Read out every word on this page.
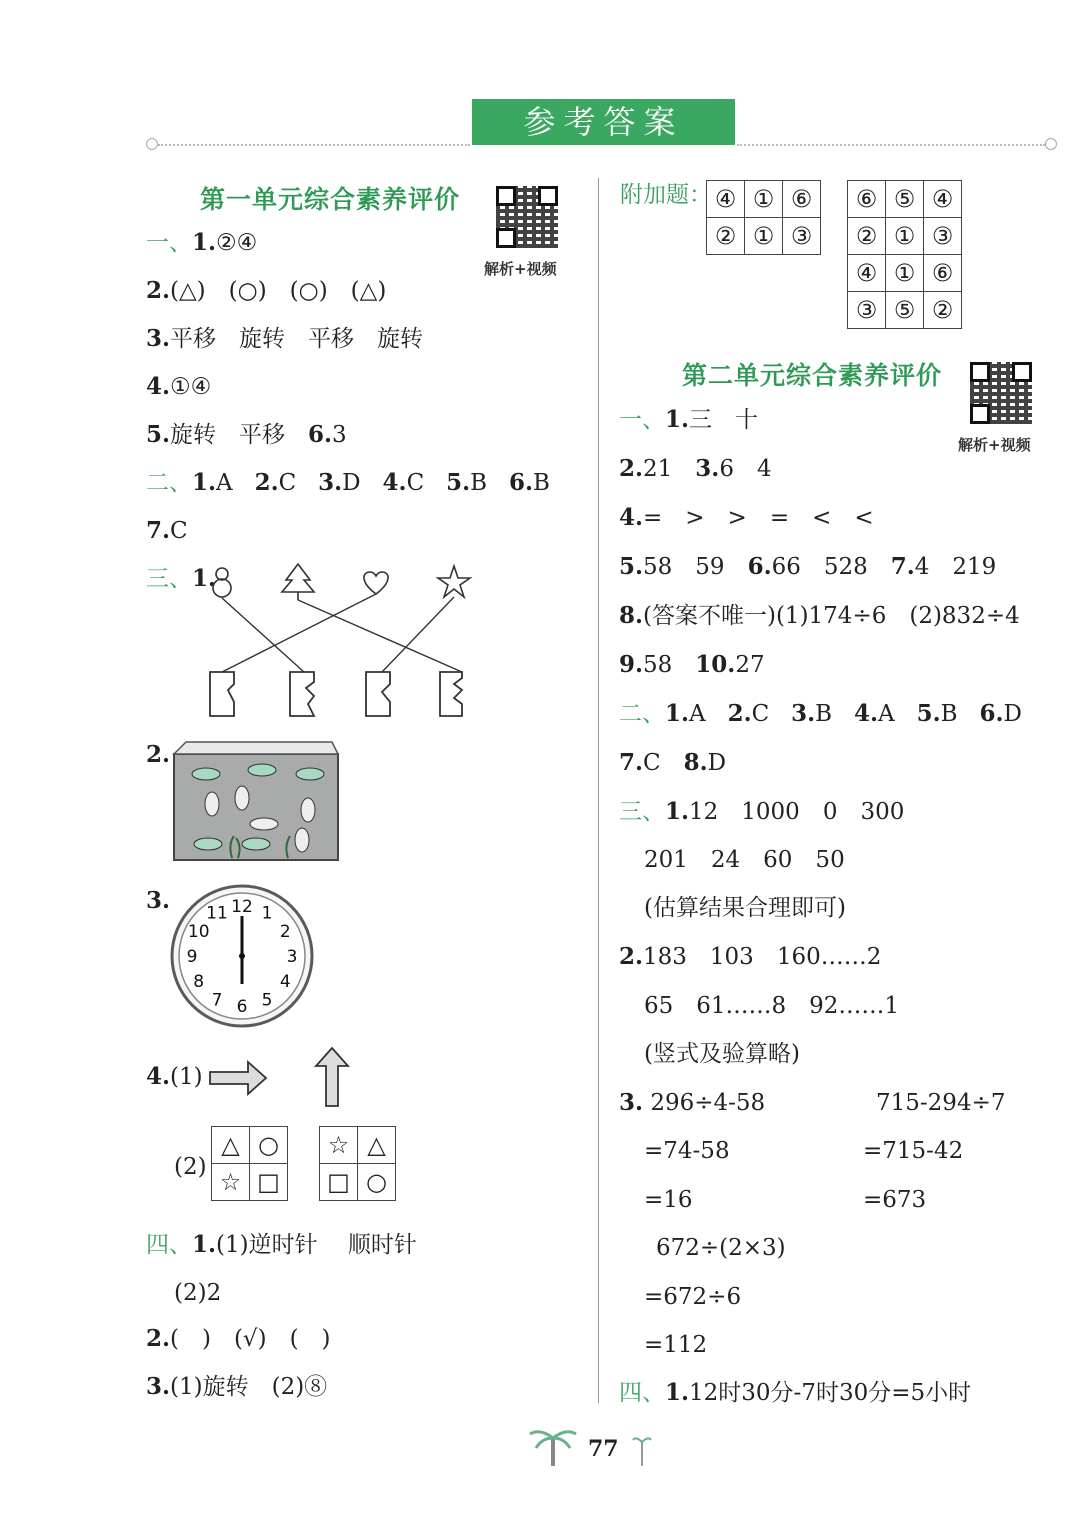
参考答案
第一单元综合素养评价
解析+视频
一、1.②④
2.(△)　(○)　(○)　(△)
3.平移　旋转　平移　旋转
4.①④
5.旋转　平移　6.3
二、1.A 2.C 3.D 4.C 5.B 6.B
7.C
三、1.
2.
3.	12 1
2
3
4
5
6
7
8
9
10
11
4.(1)
(2)
△	○
☆	□
☆	△
□	○
四、1.(1)逆时针　 顺时针
(2)2
2.(　)　(√)　(　)
3.(1)旋转　(2)⑧
附加题： ④	①	⑥
②	①	③
⑥	⑤	④
②	①	③
④	①	⑥
③	⑤	②
第二单元综合素养评价
解析+视频
一、1.三　十
2.21　3.6　4
4.=　>　>　=　<　<
5.58　59　6.66　528　7.4　219
8.(答案不唯一)(1)174÷6　(2)832÷4
9.58　10.27
二、1.A 2.C 3.B 4.A 5.B 6.D
7.C　8.D
三、1.12　1000　0　300
201　24　60　50
(估算结果合理即可)
2.183　103　160……2
65　61……8　92……1
(竖式及验算略)
3. 296÷4-58	715-294÷7
=74-58	=715-42
=16	=673
672÷(2×3)
=672÷6
=112
四、1.12时30分-7时30分=5小时
77
